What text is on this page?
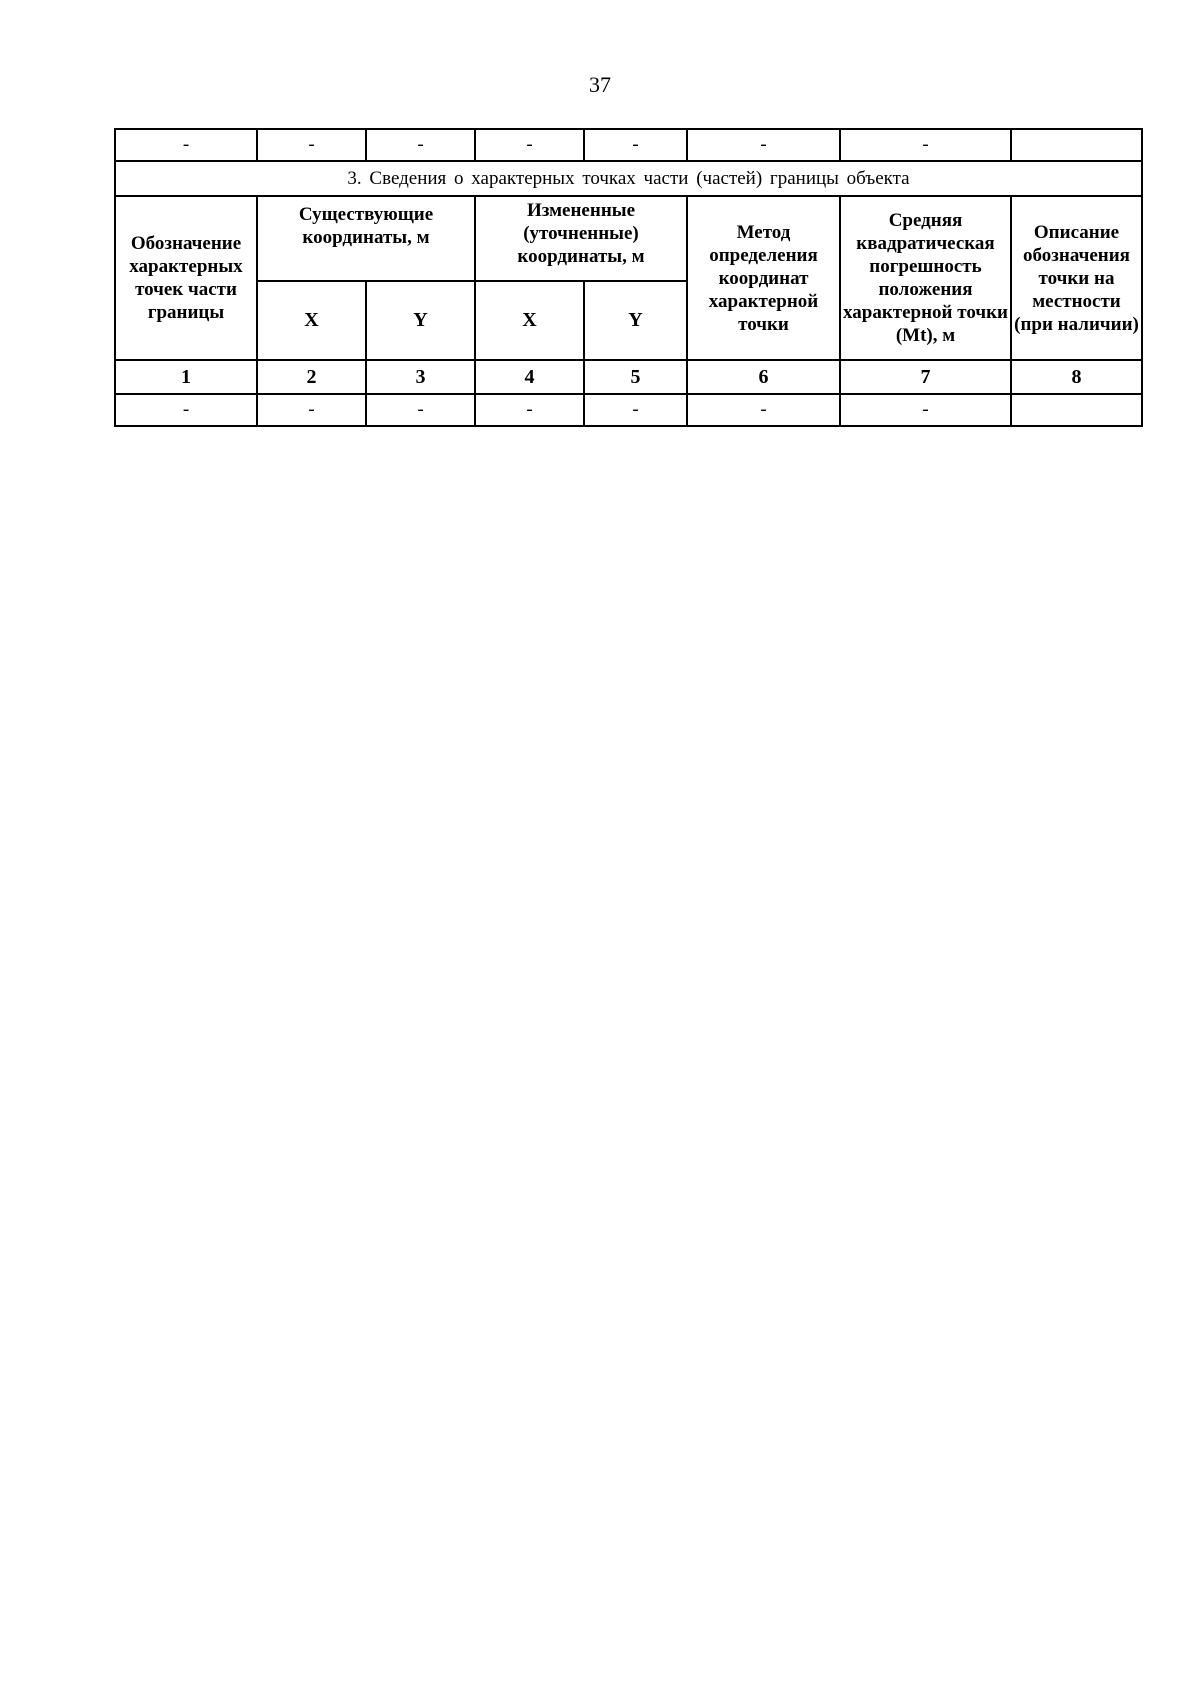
37
-	-	-	-	-	-	-	
3. Сведения о характерных точках части (частей) границы объекта							
Обозначение характерных точек части границы	Существующие координаты, м		Измененные (уточненные) координаты, м		Метод определения координат характерной точки	Средняя квадратическая погрешность положения характерной точки (Mt), м	Описание обозначения точки на местности (при наличии)
	X	Y	X	Y			
1	2	3	4	5	6	7	8
-	-	-	-	-	-	-	
